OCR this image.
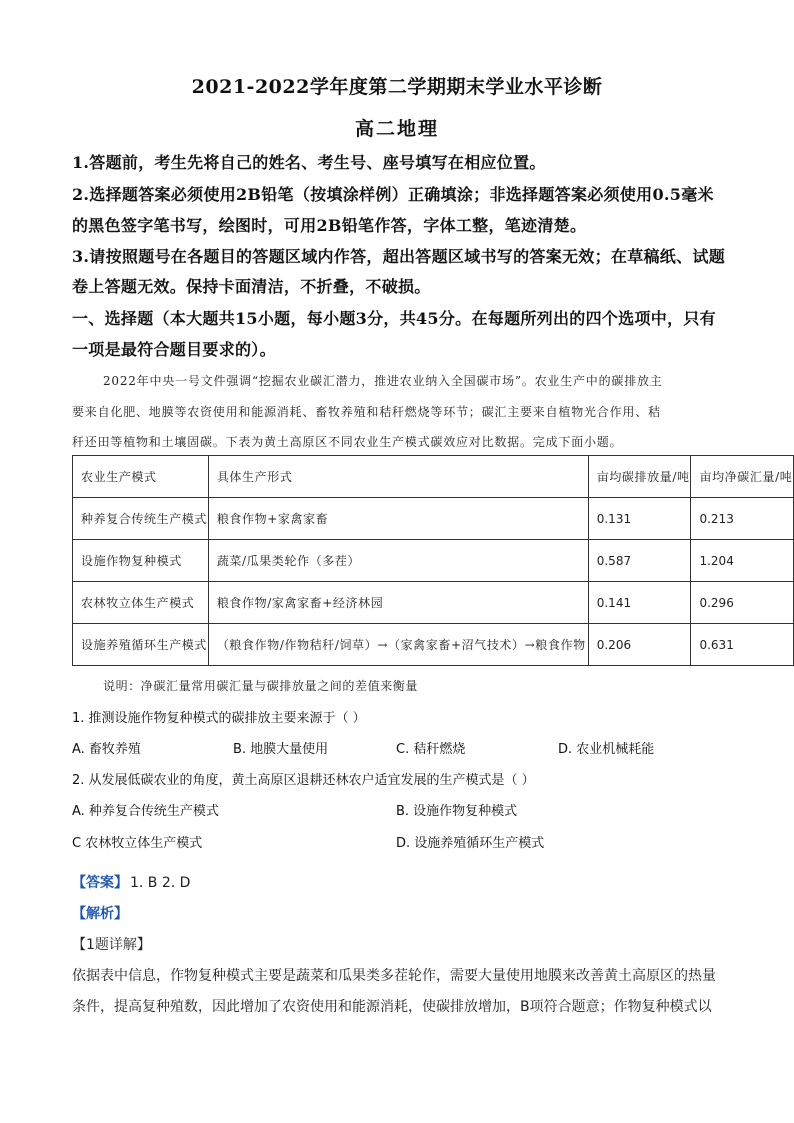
2021-2022学年度第二学期期末学业水平诊断
高二地理
1.答题前，考生先将自己的姓名、考生号、座号填写在相应位置。
2.选择题答案必须使用2B铅笔（按填涂样例）正确填涂；非选择题答案必须使用0.5毫米
的黑色签字笔书写，绘图时，可用2B铅笔作答，字体工整，笔迹清楚。
3.请按照题号在各题目的答题区域内作答，超出答题区域书写的答案无效；在草稿纸、试题
卷上答题无效。保持卡面清洁，不折叠，不破损。
一、选择题（本大题共15小题，每小题3分，共45分。在每题所列出的四个选项中，只有
一项是最符合题目要求的）。
2022年中央一号文件强调“挖掘农业碳汇潜力，推进农业纳入全国碳市场”。农业生产中的碳排放主
要来自化肥、地膜等农资使用和能源消耗、畜牧养殖和秸秆燃烧等环节；碳汇主要来自植物光合作用、秸
秆还田等植物和土壤固碳。下表为黄土高原区不同农业生产模式碳效应对比数据。完成下面小题。
农业生产模式	具体生产形式	亩均碳排放量/吨	亩均净碳汇量/吨
种养复合传统生产模式	粮食作物+家禽家畜	0.131	0.213
设施作物复种模式	蔬菜/瓜果类轮作（多茬）	0.587	1.204
农林牧立体生产模式	粮食作物/家禽家畜+经济林园	0.141	0.296
设施养殖循环生产模式	（粮食作物/作物秸秆/饲草）→（家禽家畜+沼气技术）→粮食作物	0.206	0.631
说明：净碳汇量常用碳汇量与碳排放量之间的差值来衡量
1. 推测设施作物复种模式的碳排放主要来源于（ ）
A. 畜牧养殖	B. 地膜大量使用	C. 秸秆燃烧	D. 农业机械耗能
2. 从发展低碳农业的角度，黄土高原区退耕还林农户适宜发展的生产模式是（ ）
A. 种养复合传统生产模式	B. 设施作物复种模式
C 农林牧立体生产模式	D. 设施养殖循环生产模式
【答案】 1. B 2. D
【解析】
【1题详解】
依据表中信息，作物复种模式主要是蔬菜和瓜果类多茬轮作，需要大量使用地膜来改善黄土高原区的热量
条件，提高复种殖数，因此增加了农资使用和能源消耗，使碳排放增加，B项符合题意；作物复种模式以
